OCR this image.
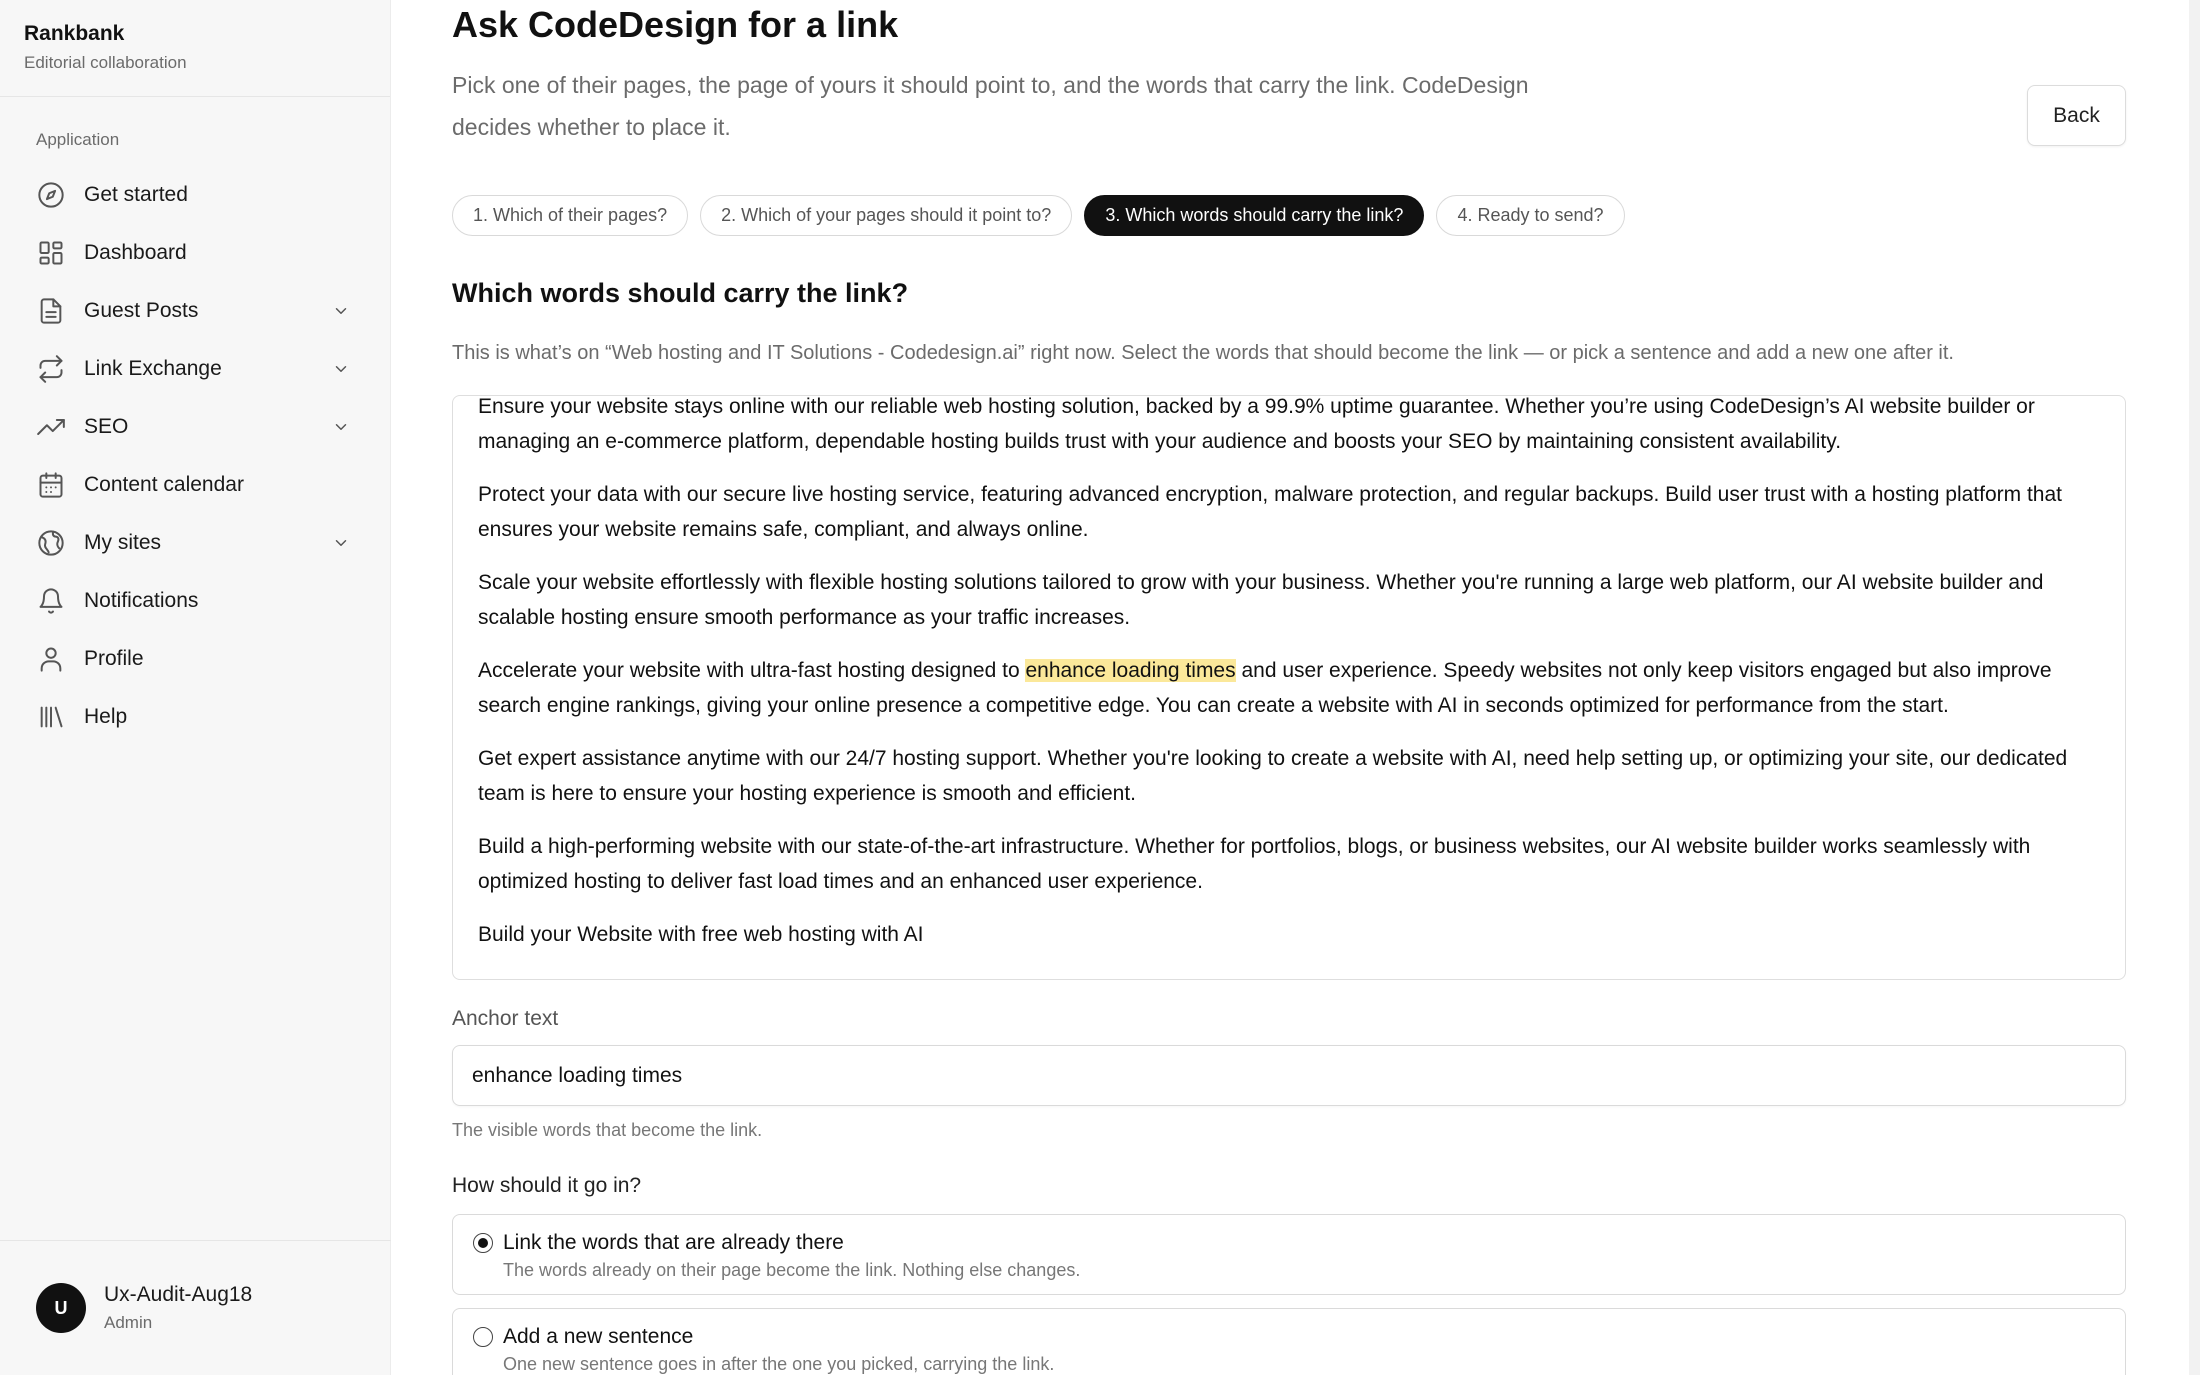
Rankbank
Editorial collaboration
Application
Get started
Dashboard
Guest Posts
Link Exchange
SEO
Content calendar
My sites
Notifications
Profile
Help
U
Ux-Audit-Aug18
Admin
Ask CodeDesign for a link

Pick one of their pages, the page of yours it should point to, and the words that carry the link. CodeDesign decides whether to place it.	Back
1. Which of their pages?	2. Which of your pages should it point to?	3. Which words should carry the link?	4. Ready to send?
Which words should carry the link?

This is what’s on “Web hosting and IT Solutions - Codedesign.ai” right now. Select the words that should become the link — or pick a sentence and add a new one after it.

Ensure your website stays online with our reliable web hosting solution, backed by a 99.9% uptime guarantee. Whether you’re using CodeDesign’s AI website builder or managing an e-commerce platform, dependable hosting builds trust with your audience and boosts your SEO by maintaining consistent availability.

Protect your data with our secure live hosting service, featuring advanced encryption, malware protection, and regular backups. Build user trust with a hosting platform that ensures your website remains safe, compliant, and always online.

Scale your website effortlessly with flexible hosting solutions tailored to grow with your business. Whether you're running a large web platform, our AI website builder and scalable hosting ensure smooth performance as your traffic increases.

Accelerate your website with ultra-fast hosting designed to enhance loading times and user experience. Speedy websites not only keep visitors engaged but also improve search engine rankings, giving your online presence a competitive edge. You can create a website with AI in seconds optimized for performance from the start.

Get expert assistance anytime with our 24/7 hosting support. Whether you're looking to create a website with AI, need help setting up, or optimizing your site, our dedicated team is here to ensure your hosting experience is smooth and efficient.

Build a high-performing website with our state-of-the-art infrastructure. Whether for portfolios, blogs, or business websites, our AI website builder works seamlessly with optimized hosting to deliver fast load times and an enhanced user experience.

Build your Website with free web hosting with AI

Anchor text
enhance loading times
The visible words that become the link.
How should it go in?
Link the words that are already there
The words already on their page become the link. Nothing else changes.
Add a new sentence
One new sentence goes in after the one you picked, carrying the link.
